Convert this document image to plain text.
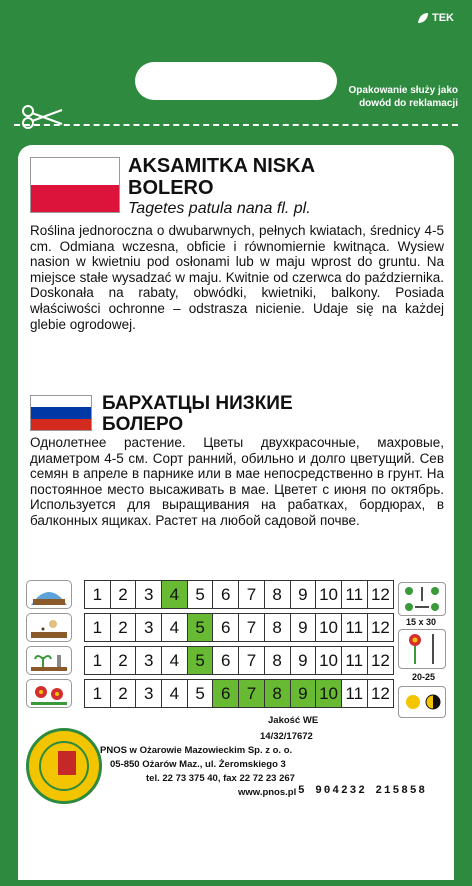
TEK
Opakowanie służy jako dowód do reklamacji
AKSAMITKA NISKA
BOLERO
Tagetes patula nana fl. pl.
Roślina jednoroczna o dwubarwnych, pełnych kwiatach, średnicy 4-5 cm. Odmiana wczesna, obficie i równomiernie kwitnąca. Wysiew nasion w kwietniu pod osłonami lub w maju wprost do gruntu. Na miejsce stałe wysadzać w maju. Kwitnie od czerwca do października. Doskonała na rabaty, obwódki, kwietniki, balkony. Posiada właściwości ochronne – odstrasza nicienie. Udaje się na każdej glebie ogrodowej.
БАРХАТЦЫ НИЗКИЕ
БОЛЕРО
Однолетнее растение. Цветы двухкрасочные, махровые, диаметром 4-5 см. Сорт ранний, обильно и долго цветущий. Сев семян в апреле в парнике или в мае непосредственно в грунт. На постоянное место высаживать в мае. Цветет с июня по октябрь. Используется для выращивания на рабатках, бордюрах, в балконных ящиках. Растет на любой садовой почве.
1 2 3 4 5 6 7 8 9 10 11 12
1 2 3 4 5 6 7 8 9 10 11 12
1 2 3 4 5 6 7 8 9 10 11 12
1 2 3 4 5 6 7 8 9 10 11 12
15 x 30
20-25
Jakość WE
14/32/17672
PNOS w Ożarowie Mazowieckim Sp. z o. o.
05-850 Ożarów Maz., ul. Żeromskiego 3
tel. 22 73 375 40, fax 22 72 23 267
www.pnos.pl 5 904232 215858
